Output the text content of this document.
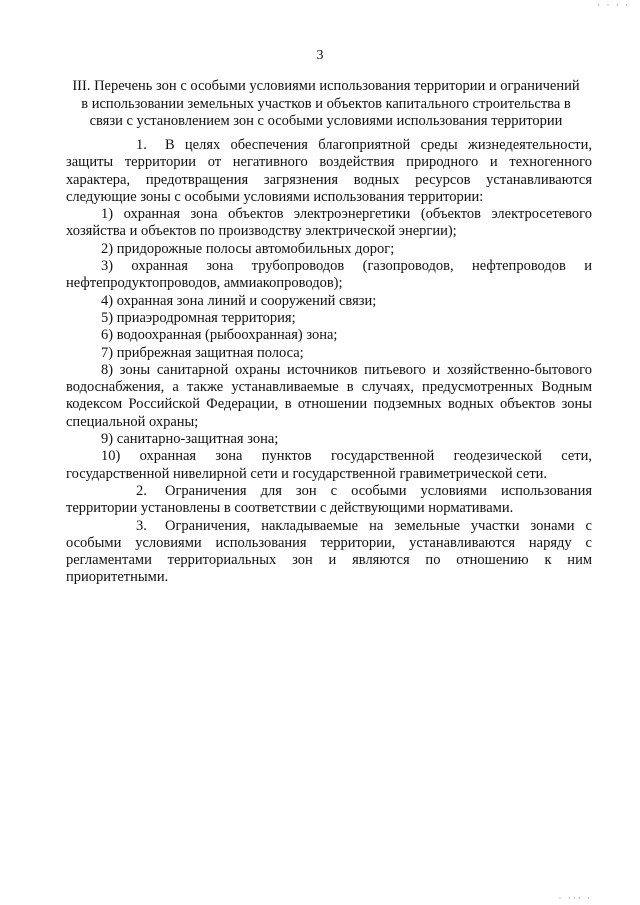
· · · ·
3
III. Перечень зон с особыми условиями использования территории и ограничений
в использовании земельных участков и объектов капитального строительства в
связи с установлением зон с особыми условиями использования территории

1. В целях обеспечения благоприятной среды жизнедеятельности, защиты территории от негативного воздействия природного и техногенного характера, предотвращения загрязнения водных ресурсов устанавливаются следующие зоны с особыми условиями использования территории:

1) охранная зона объектов электроэнергетики (объектов электросетевого хозяйства и объектов по производству электрической энергии);

2) придорожные полосы автомобильных дорог;

3) охранная зона трубопроводов (газопроводов, нефтепроводов и нефтепродуктопроводов, аммиакопроводов);

4) охранная зона линий и сооружений связи;

5) приаэродромная территория;

6) водоохранная (рыбоохранная) зона;

7) прибрежная защитная полоса;

8) зоны санитарной охраны источников питьевого и хозяйственно-бытового водоснабжения, а также устанавливаемые в случаях, предусмотренных Водным кодексом Российской Федерации, в отношении подземных водных объектов зоны специальной охраны;

9) санитарно-защитная зона;

10) охранная зона пунктов государственной геодезической сети, государственной нивелирной сети и государственной гравиметрической сети.

2. Ограничения для зон с особыми условиями использования территории установлены в соответствии с действующими нормативами.

3. Ограничения, накладываемые на земельные участки зонами с особыми условиями использования территории, устанавливаются наряду с регламентами территориальных зон и являются по отношению к ним приоритетными.

· ··· ·
